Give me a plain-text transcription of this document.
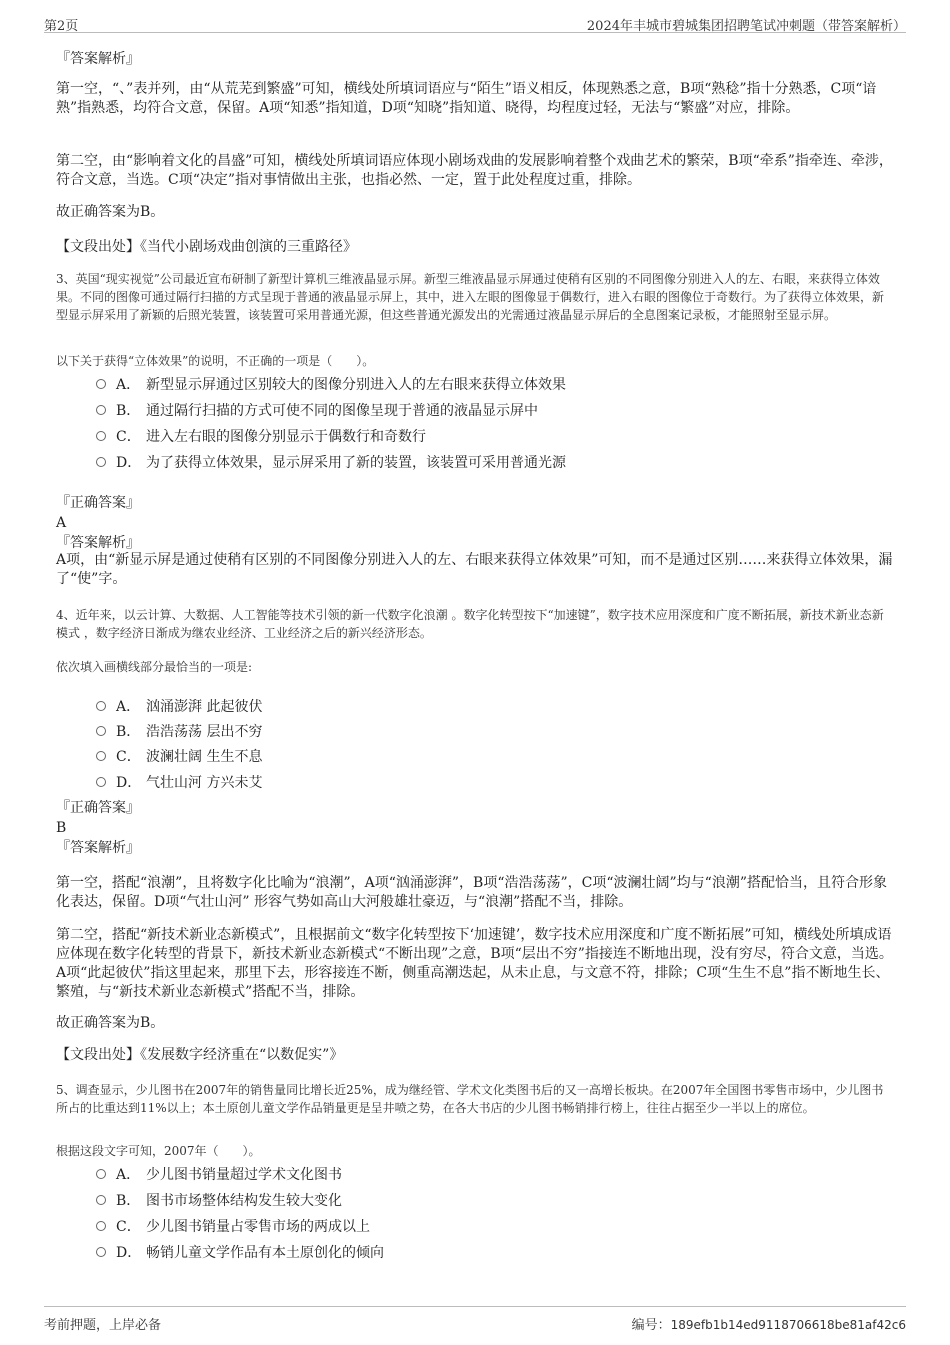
第2页	2024年丰城市碧城集团招聘笔试冲刺题（带答案解析）

『答案解析』

第一空，“、”表并列，由“从荒芜到繁盛”可知，横线处所填词语应与“陌生”语义相反，体现熟悉之意，B项“熟稔”指十分熟悉，C项“谙熟”指熟悉，均符合文意，保留。A项“知悉”指知道，D项“知晓”指知道、晓得，均程度过轻，无法与“繁盛”对应，排除。

第二空，由“影响着文化的昌盛”可知，横线处所填词语应体现小剧场戏曲的发展影响着整个戏曲艺术的繁荣，B项“牵系”指牵连、牵涉，符合文意，当选。C项“决定”指对事情做出主张，也指必然、一定，置于此处程度过重，排除。

故正确答案为B。

【文段出处】《当代小剧场戏曲创演的三重路径》

3、英国“现实视觉”公司最近宣布研制了新型计算机三维液晶显示屏。新型三维液晶显示屏通过使稍有区别的不同图像分别进入人的左、右眼，来获得立体效果。不同的图像可通过隔行扫描的方式呈现于普通的液晶显示屏上，其中，进入左眼的图像显于偶数行，进入右眼的图像位于奇数行。为了获得立体效果，新型显示屏采用了新颖的后照光装置，该装置可采用普通光源，但这些普通光源发出的光需通过液晶显示屏后的全息图案记录板，才能照射至显示屏。

以下关于获得“立体效果”的说明，不正确的一项是（　　）。

A． 新型显示屏通过区别较大的图像分别进入人的左右眼来获得立体效果
B． 通过隔行扫描的方式可使不同的图像呈现于普通的液晶显示屏中
C． 进入左右眼的图像分别显示于偶数行和奇数行
D． 为了获得立体效果，显示屏采用了新的装置，该装置可采用普通光源

『正确答案』

A

『答案解析』

A项，由“新显示屏是通过使稍有区别的不同图像分别进入人的左、右眼来获得立体效果”可知，而不是通过区别……来获得立体效果，漏了“使”字。

4、近年来，以云计算、大数据、人工智能等技术引领的新一代数字化浪潮 。数字化转型按下“加速键”，数字技术应用深度和广度不断拓展，新技术新业态新模式 ，数字经济日渐成为继农业经济、工业经济之后的新兴经济形态。

依次填入画横线部分最恰当的一项是:

A． 汹涌澎湃 此起彼伏
B． 浩浩荡荡 层出不穷
C． 波澜壮阔 生生不息
D． 气壮山河 方兴未艾

『正确答案』

B

『答案解析』

第一空，搭配“浪潮”，且将数字化比喻为“浪潮”，A项“汹涌澎湃”，B项“浩浩荡荡”，C项“波澜壮阔”均与“浪潮”搭配恰当，且符合形象化表达，保留。D项“气壮山河” 形容气势如高山大河般雄壮豪迈，与“浪潮”搭配不当，排除。

第二空，搭配“新技术新业态新模式”，且根据前文“数字化转型按下‘加速键’，数字技术应用深度和广度不断拓展”可知，横线处所填成语应体现在数字化转型的背景下，新技术新业态新模式“不断出现”之意，B项“层出不穷”指接连不断地出现，没有穷尽，符合文意，当选。A项“此起彼伏”指这里起来，那里下去，形容接连不断，侧重高潮迭起，从未止息，与文意不符，排除；C项“生生不息”指不断地生长、繁殖，与“新技术新业态新模式”搭配不当，排除。

故正确答案为B。

【文段出处】《发展数字经济重在“以数促实”》

5、调查显示，少儿图书在2007年的销售量同比增长近25%，成为继经管、学术文化类图书后的又一高增长板块。在2007年全国图书零售市场中，少儿图书所占的比重达到11%以上；本土原创儿童文学作品销量更是呈井喷之势，在各大书店的少儿图书畅销排行榜上，往往占据至少一半以上的席位。

根据这段文字可知，2007年（　　）。

A． 少儿图书销量超过学术文化图书
B． 图书市场整体结构发生较大变化
C． 少儿图书销量占零售市场的两成以上
D． 畅销儿童文学作品有本土原创化的倾向
考前押题，上岸必备	编号：189efb1b14ed9118706618be81af42c6
